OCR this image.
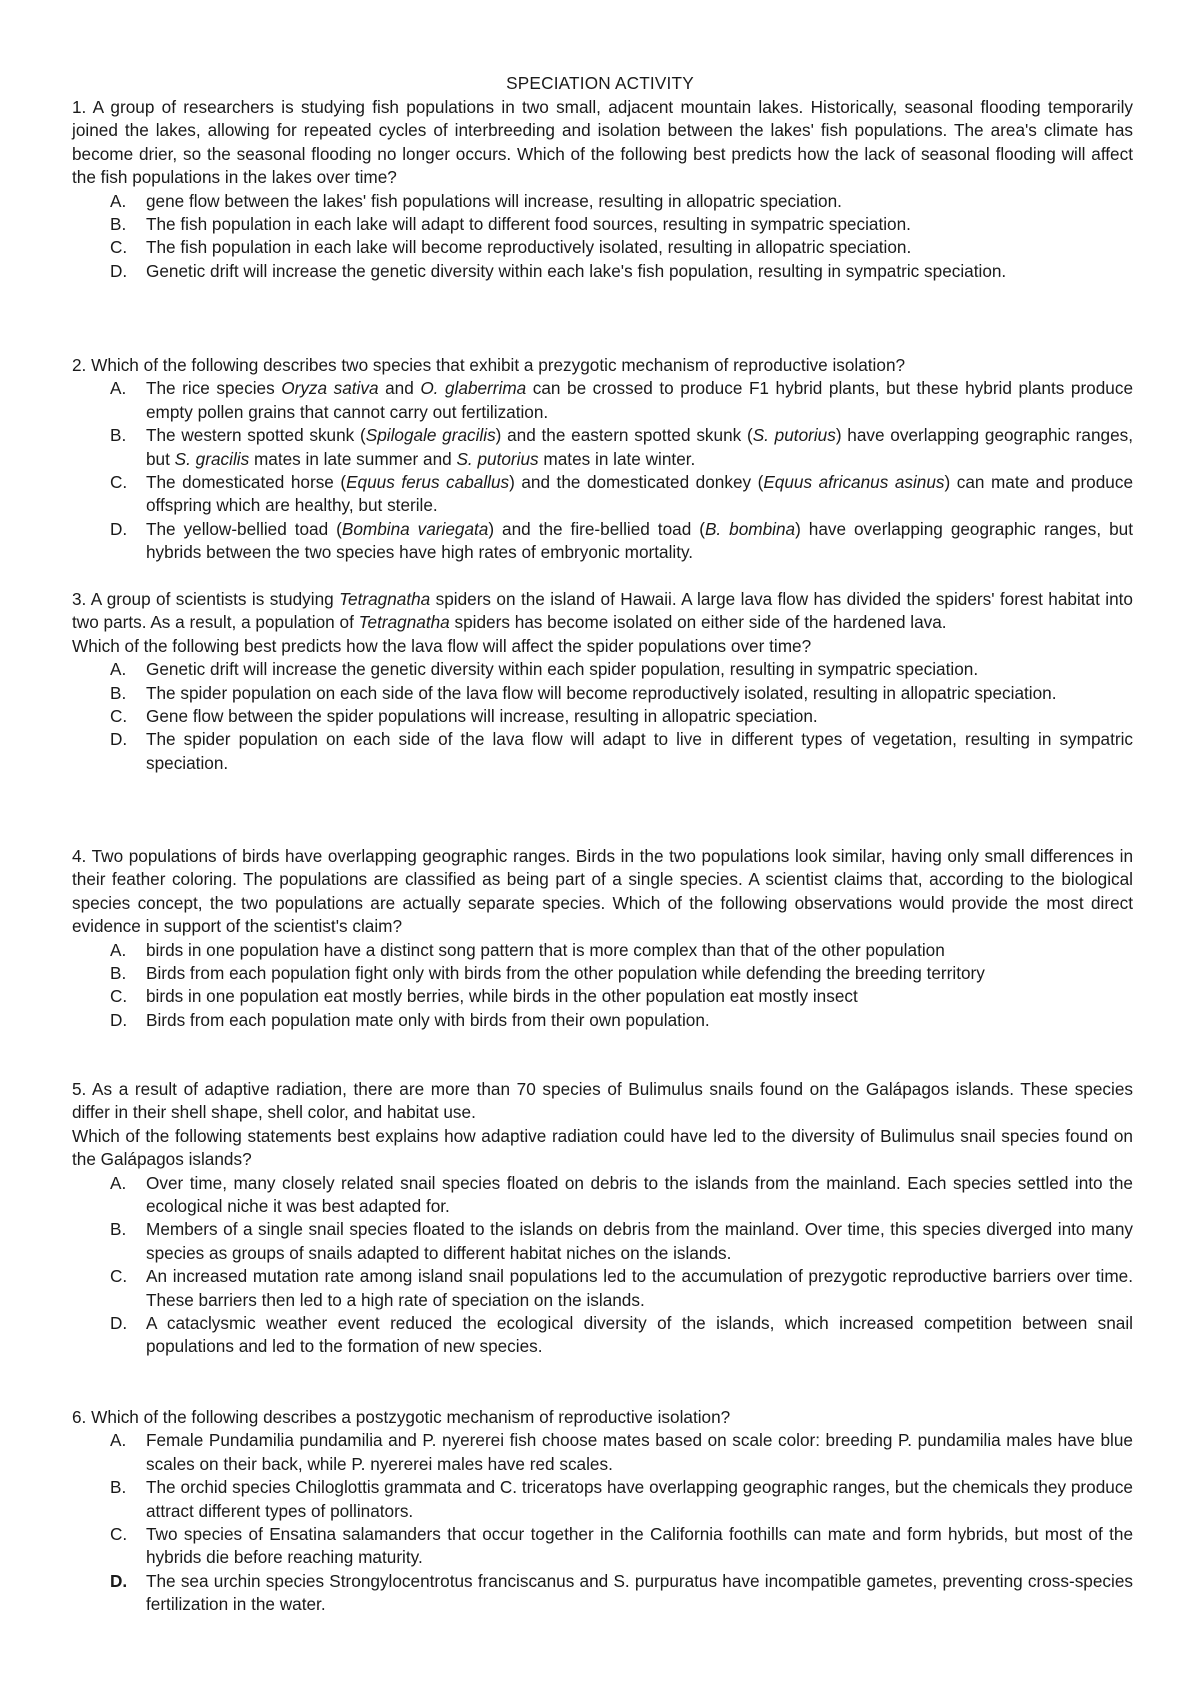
SPECIATION ACTIVITY

1. A group of researchers is studying fish populations in two small, adjacent mountain lakes. Historically, seasonal flooding temporarily joined the lakes, allowing for repeated cycles of interbreeding and isolation between the lakes' fish populations. The area's climate has become drier, so the seasonal flooding no longer occurs. Which of the following best predicts how the lack of seasonal flooding will affect the fish populations in the lakes over time?

A. gene flow between the lakes' fish populations will increase, resulting in allopatric speciation.
B. The fish population in each lake will adapt to different food sources, resulting in sympatric speciation.
C. The fish population in each lake will become reproductively isolated, resulting in allopatric speciation.
D. Genetic drift will increase the genetic diversity within each lake's fish population, resulting in sympatric speciation.

2. Which of the following describes two species that exhibit a prezygotic mechanism of reproductive isolation?

A. The rice species Oryza sativa and O. glaberrima can be crossed to produce F1 hybrid plants, but these hybrid plants produce empty pollen grains that cannot carry out fertilization.
B. The western spotted skunk (Spilogale gracilis) and the eastern spotted skunk (S. putorius) have overlapping geographic ranges, but S. gracilis mates in late summer and S. putorius mates in late winter.
C. The domesticated horse (Equus ferus caballus) and the domesticated donkey (Equus africanus asinus) can mate and produce offspring which are healthy, but sterile.
D. The yellow-bellied toad (Bombina variegata) and the fire-bellied toad (B. bombina) have overlapping geographic ranges, but hybrids between the two species have high rates of embryonic mortality.

3. A group of scientists is studying Tetragnatha spiders on the island of Hawaii. A large lava flow has divided the spiders' forest habitat into two parts. As a result, a population of Tetragnatha spiders has become isolated on either side of the hardened lava.

Which of the following best predicts how the lava flow will affect the spider populations over time?

A. Genetic drift will increase the genetic diversity within each spider population, resulting in sympatric speciation.
B. The spider population on each side of the lava flow will become reproductively isolated, resulting in allopatric speciation.
C. Gene flow between the spider populations will increase, resulting in allopatric speciation.
D. The spider population on each side of the lava flow will adapt to live in different types of vegetation, resulting in sympatric speciation.

4. Two populations of birds have overlapping geographic ranges. Birds in the two populations look similar, having only small differences in their feather coloring. The populations are classified as being part of a single species. A scientist claims that, according to the biological species concept, the two populations are actually separate species. Which of the following observations would provide the most direct evidence in support of the scientist's claim?

A. birds in one population have a distinct song pattern that is more complex than that of the other population
B. Birds from each population fight only with birds from the other population while defending the breeding territory
C. birds in one population eat mostly berries, while birds in the other population eat mostly insect
D. Birds from each population mate only with birds from their own population.

5. As a result of adaptive radiation, there are more than 70 species of Bulimulus snails found on the Galápagos islands. These species differ in their shell shape, shell color, and habitat use.

Which of the following statements best explains how adaptive radiation could have led to the diversity of Bulimulus snail species found on the Galápagos islands?

A. Over time, many closely related snail species floated on debris to the islands from the mainland. Each species settled into the ecological niche it was best adapted for.
B. Members of a single snail species floated to the islands on debris from the mainland. Over time, this species diverged into many species as groups of snails adapted to different habitat niches on the islands.
C. An increased mutation rate among island snail populations led to the accumulation of prezygotic reproductive barriers over time. These barriers then led to a high rate of speciation on the islands.
D. A cataclysmic weather event reduced the ecological diversity of the islands, which increased competition between snail populations and led to the formation of new species.

6. Which of the following describes a postzygotic mechanism of reproductive isolation?

A. Female Pundamilia pundamilia and P. nyererei fish choose mates based on scale color: breeding P. pundamilia males have blue scales on their back, while P. nyererei males have red scales.
B. The orchid species Chiloglottis grammata and C. triceratops have overlapping geographic ranges, but the chemicals they produce attract different types of pollinators.
C. Two species of Ensatina salamanders that occur together in the California foothills can mate and form hybrids, but most of the hybrids die before reaching maturity.
D. The sea urchin species Strongylocentrotus franciscanus and S. purpuratus have incompatible gametes, preventing cross-species fertilization in the water.
